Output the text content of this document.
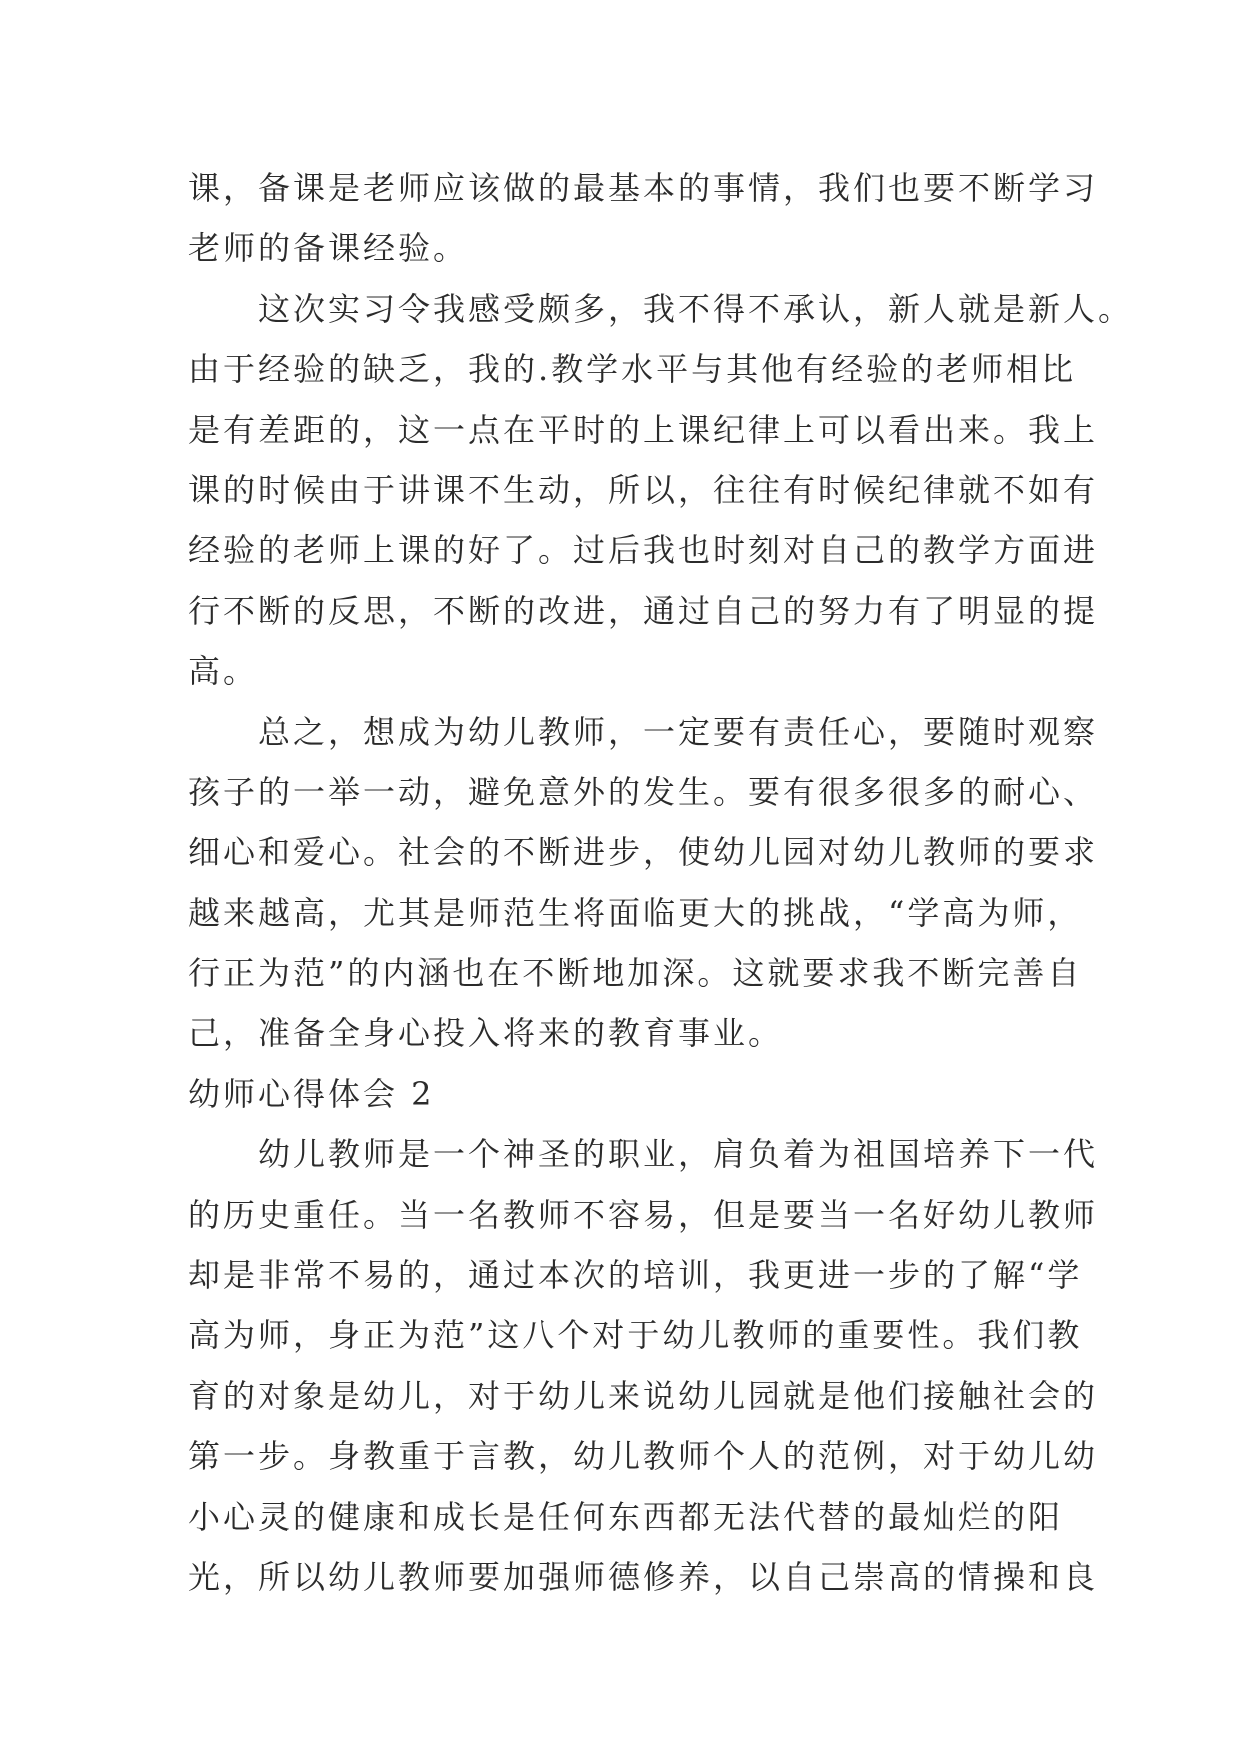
课，备课是老师应该做的最基本的事情，我们也要不断学习
老师的备课经验。
这次实习令我感受颇多，我不得不承认，新人就是新人。
由于经验的缺乏，我的.教学水平与其他有经验的老师相比
是有差距的，这一点在平时的上课纪律上可以看出来。我上
课的时候由于讲课不生动，所以，往往有时候纪律就不如有
经验的老师上课的好了。过后我也时刻对自己的教学方面进
行不断的反思，不断的改进，通过自己的努力有了明显的提
高。
总之，想成为幼儿教师，一定要有责任心，要随时观察
孩子的一举一动，避免意外的发生。要有很多很多的耐心、
细心和爱心。社会的不断进步，使幼儿园对幼儿教师的要求
越来越高，尤其是师范生将面临更大的挑战，“学高为师，
行正为范”的内涵也在不断地加深。这就要求我不断完善自
己，准备全身心投入将来的教育事业。
幼师心得体会 2
幼儿教师是一个神圣的职业，肩负着为祖国培养下一代
的历史重任。当一名教师不容易，但是要当一名好幼儿教师
却是非常不易的，通过本次的培训，我更进一步的了解“学
高为师，身正为范”这八个对于幼儿教师的重要性。我们教
育的对象是幼儿，对于幼儿来说幼儿园就是他们接触社会的
第一步。身教重于言教，幼儿教师个人的范例，对于幼儿幼
小心灵的健康和成长是任何东西都无法代替的最灿烂的阳
光，所以幼儿教师要加强师德修养，以自己崇高的情操和良
